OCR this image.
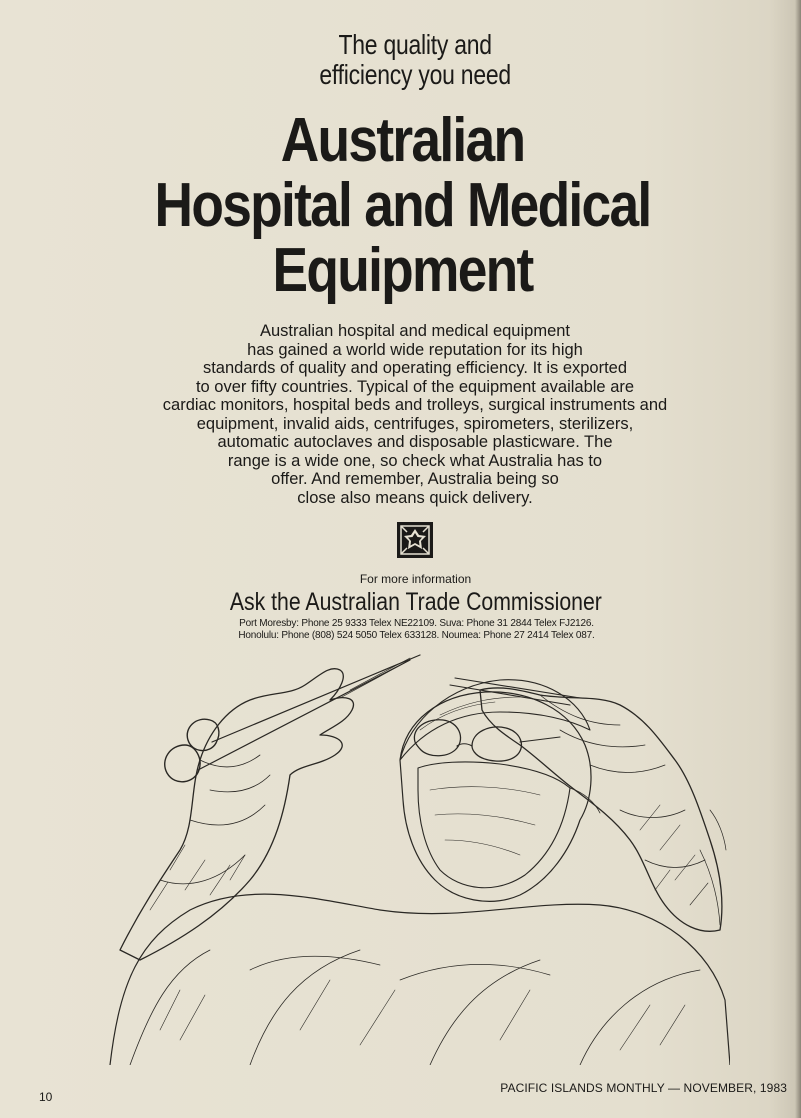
The quality and
efficiency you need
Australian
Hospital and Medical
Equipment
Australian hospital and medical equipment
has gained a world wide reputation for its high
standards of quality and operating efficiency. It is exported
to over fifty countries. Typical of the equipment available are
cardiac monitors, hospital beds and trolleys, surgical instruments and
equipment, invalid aids, centrifuges, spirometers, sterilizers,
automatic autoclaves and disposable plasticware. The
range is a wide one, so check what Australia has to
offer. And remember, Australia being so
close also means quick delivery.
For more information
Ask the Australian Trade Commissioner
Port Moresby: Phone 25 9333 Telex NE22109. Suva: Phone 31 2844 Telex FJ2126.
Honolulu: Phone (808) 524 5050 Telex 633128. Noumea: Phone 27 2414 Telex 087.
10
PACIFIC ISLANDS MONTHLY — NOVEMBER, 1983
